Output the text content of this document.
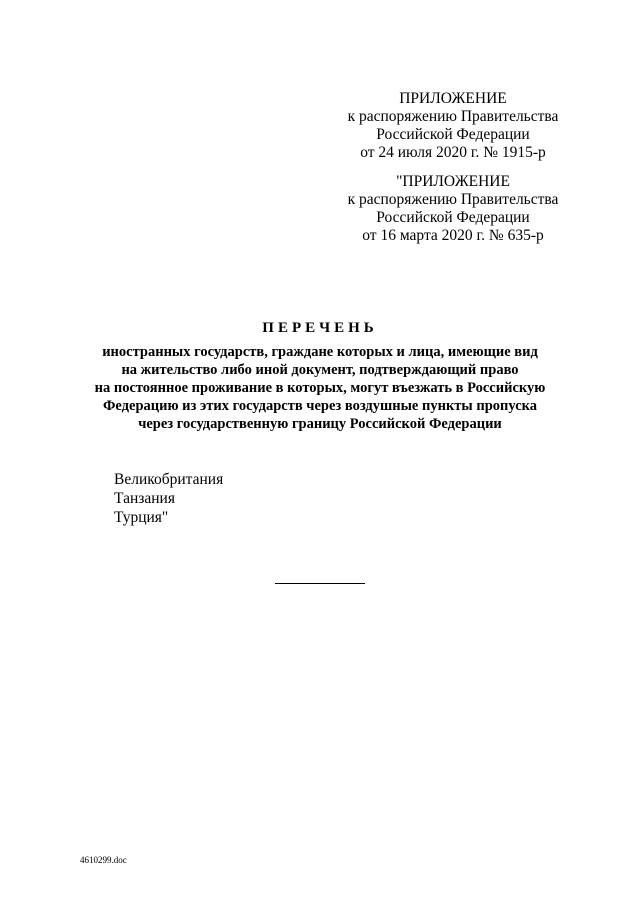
ПРИЛОЖЕНИЕ
к распоряжению Правительства
Российской Федерации
от 24 июля 2020 г. № 1915-р
"ПРИЛОЖЕНИЕ
к распоряжению Правительства
Российской Федерации
от 16 марта 2020 г. № 635-р
ПЕРЕЧЕНЬ
иностранных государств, граждане которых и лица, имеющие вид
на жительство либо иной документ, подтверждающий право
на постоянное проживание в которых, могут въезжать в Российскую
Федерацию из этих государств через воздушные пункты пропуска
через государственную границу Российской Федерации
Великобритания
Танзания
Турция"
4610299.doc
